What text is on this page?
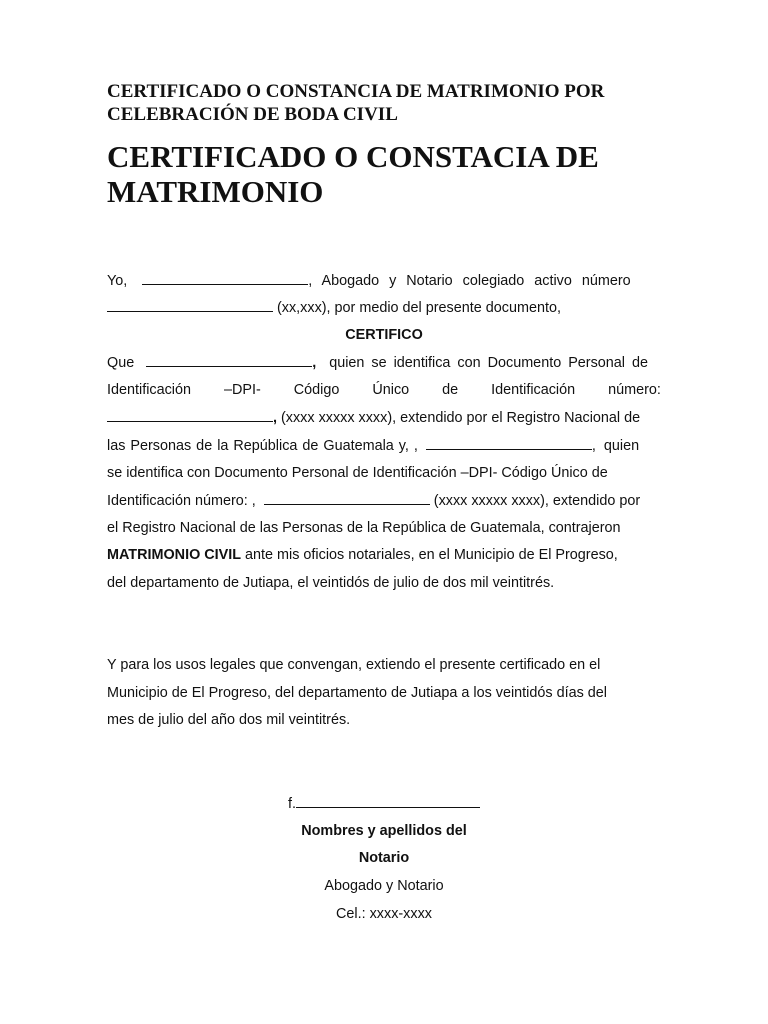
CERTIFICADO O CONSTANCIA DE MATRIMONIO POR
CELEBRACIÓN DE BODA CIVIL
CERTIFICADO O CONSTACIA DE
MATRIMONIO
Yo,	, Abogado y Notario colegiado activo número
(xx,xxx), por medio del presente documento,
CERTIFICO
Que	, quien se identifica con Documento Personal de
Identificación –DPI- Código Único de Identificación número:
, (xxxx xxxxx xxxx), extendido por el Registro Nacional de
las Personas de la República de Guatemala y, ,	, quien
se identifica con Documento Personal de Identificación –DPI- Código Único de
Identificación número: ,	(xxxx xxxxx xxxx), extendido por
el Registro Nacional de las Personas de la República de Guatemala, contrajeron
MATRIMONIO CIVIL ante mis oficios notariales, en el Municipio de El Progreso,
del departamento de Jutiapa, el veintidós de julio de dos mil veintitrés.
Y para los usos legales que convengan, extiendo el presente certificado en el
Municipio de El Progreso, del departamento de Jutiapa a los veintidós días del
mes de julio del año dos mil veintitrés.
f.
Nombres y apellidos del
Notario
Abogado y Notario
Cel.: xxxx-xxxx
